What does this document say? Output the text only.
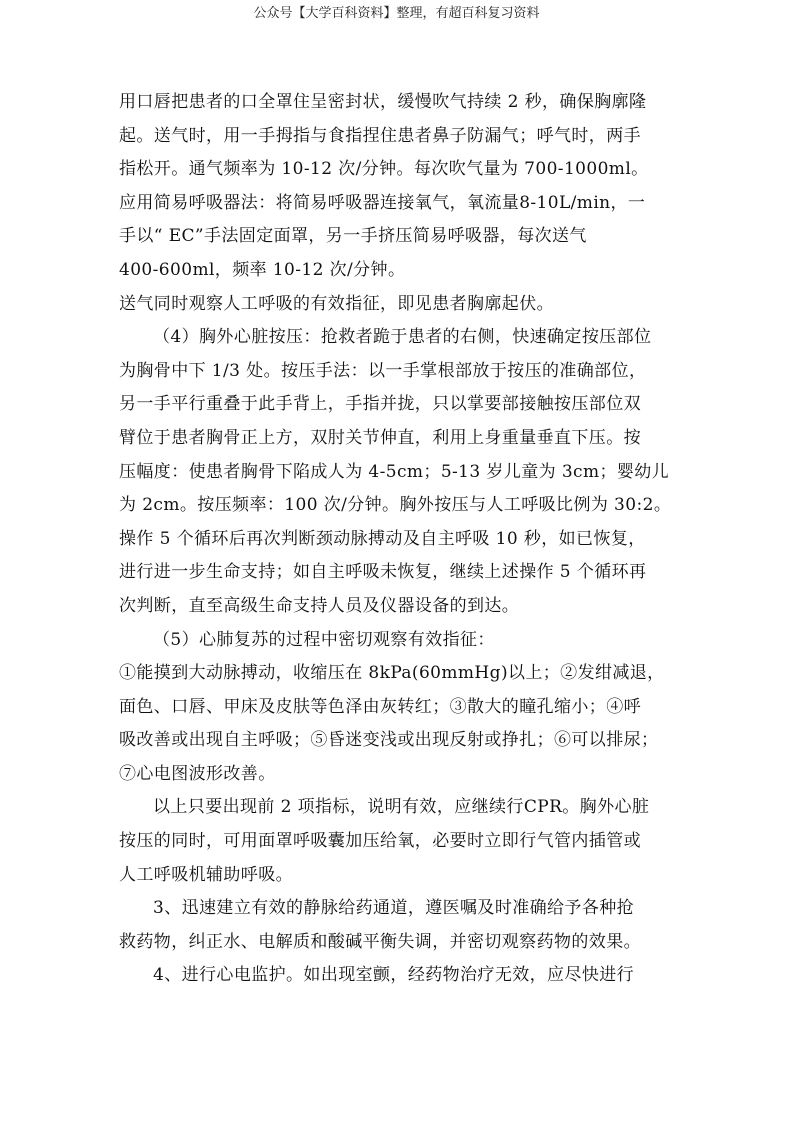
公众号【大学百科资料】整理，有超百科复习资料
用口唇把患者的口全罩住呈密封状，缓慢吹气持续 2 秒，确保胸廓隆
起。送气时，用一手拇指与食指捏住患者鼻子防漏气；呼气时，两手
指松开。通气频率为 10-12 次/分钟。每次吹气量为 700-1000ml。
应用简易呼吸器法：将简易呼吸器连接氧气，氧流量8-10L/min，一
手以“ EC”手法固定面罩，另一手挤压简易呼吸器，每次送气
400-600ml，频率 10-12 次/分钟。
送气同时观察人工呼吸的有效指征，即见患者胸廓起伏。
（4）胸外心脏按压：抢救者跪于患者的右侧，快速确定按压部位
为胸骨中下 1/3 处。按压手法：以一手掌根部放于按压的准确部位，
另一手平行重叠于此手背上，手指并拢，只以掌要部接触按压部位双
臂位于患者胸骨正上方，双肘关节伸直，利用上身重量垂直下压。按
压幅度：使患者胸骨下陷成人为 4-5cm；5-13 岁儿童为 3cm；婴幼儿
为 2cm。按压频率：100 次/分钟。胸外按压与人工呼吸比例为 30:2。
操作 5 个循环后再次判断颈动脉搏动及自主呼吸 10 秒，如已恢复，
进行进一步生命支持；如自主呼吸未恢复，继续上述操作 5 个循环再
次判断，直至高级生命支持人员及仪器设备的到达。
（5）心肺复苏的过程中密切观察有效指征：
①能摸到大动脉搏动，收缩压在 8kPa(60mmHg)以上；②发绀减退，
面色、口唇、甲床及皮肤等色泽由灰转红；③散大的瞳孔缩小；④呼
吸改善或出现自主呼吸；⑤昏迷变浅或出现反射或挣扎；⑥可以排尿；
⑦心电图波形改善。
以上只要出现前 2 项指标，说明有效，应继续行CPR。胸外心脏
按压的同时，可用面罩呼吸囊加压给氧，必要时立即行气管内插管或
人工呼吸机辅助呼吸。
3、迅速建立有效的静脉给药通道，遵医嘱及时准确给予各种抢
救药物，纠正水、电解质和酸碱平衡失调，并密切观察药物的效果。
4、进行心电监护。如出现室颤，经药物治疗无效，应尽快进行
